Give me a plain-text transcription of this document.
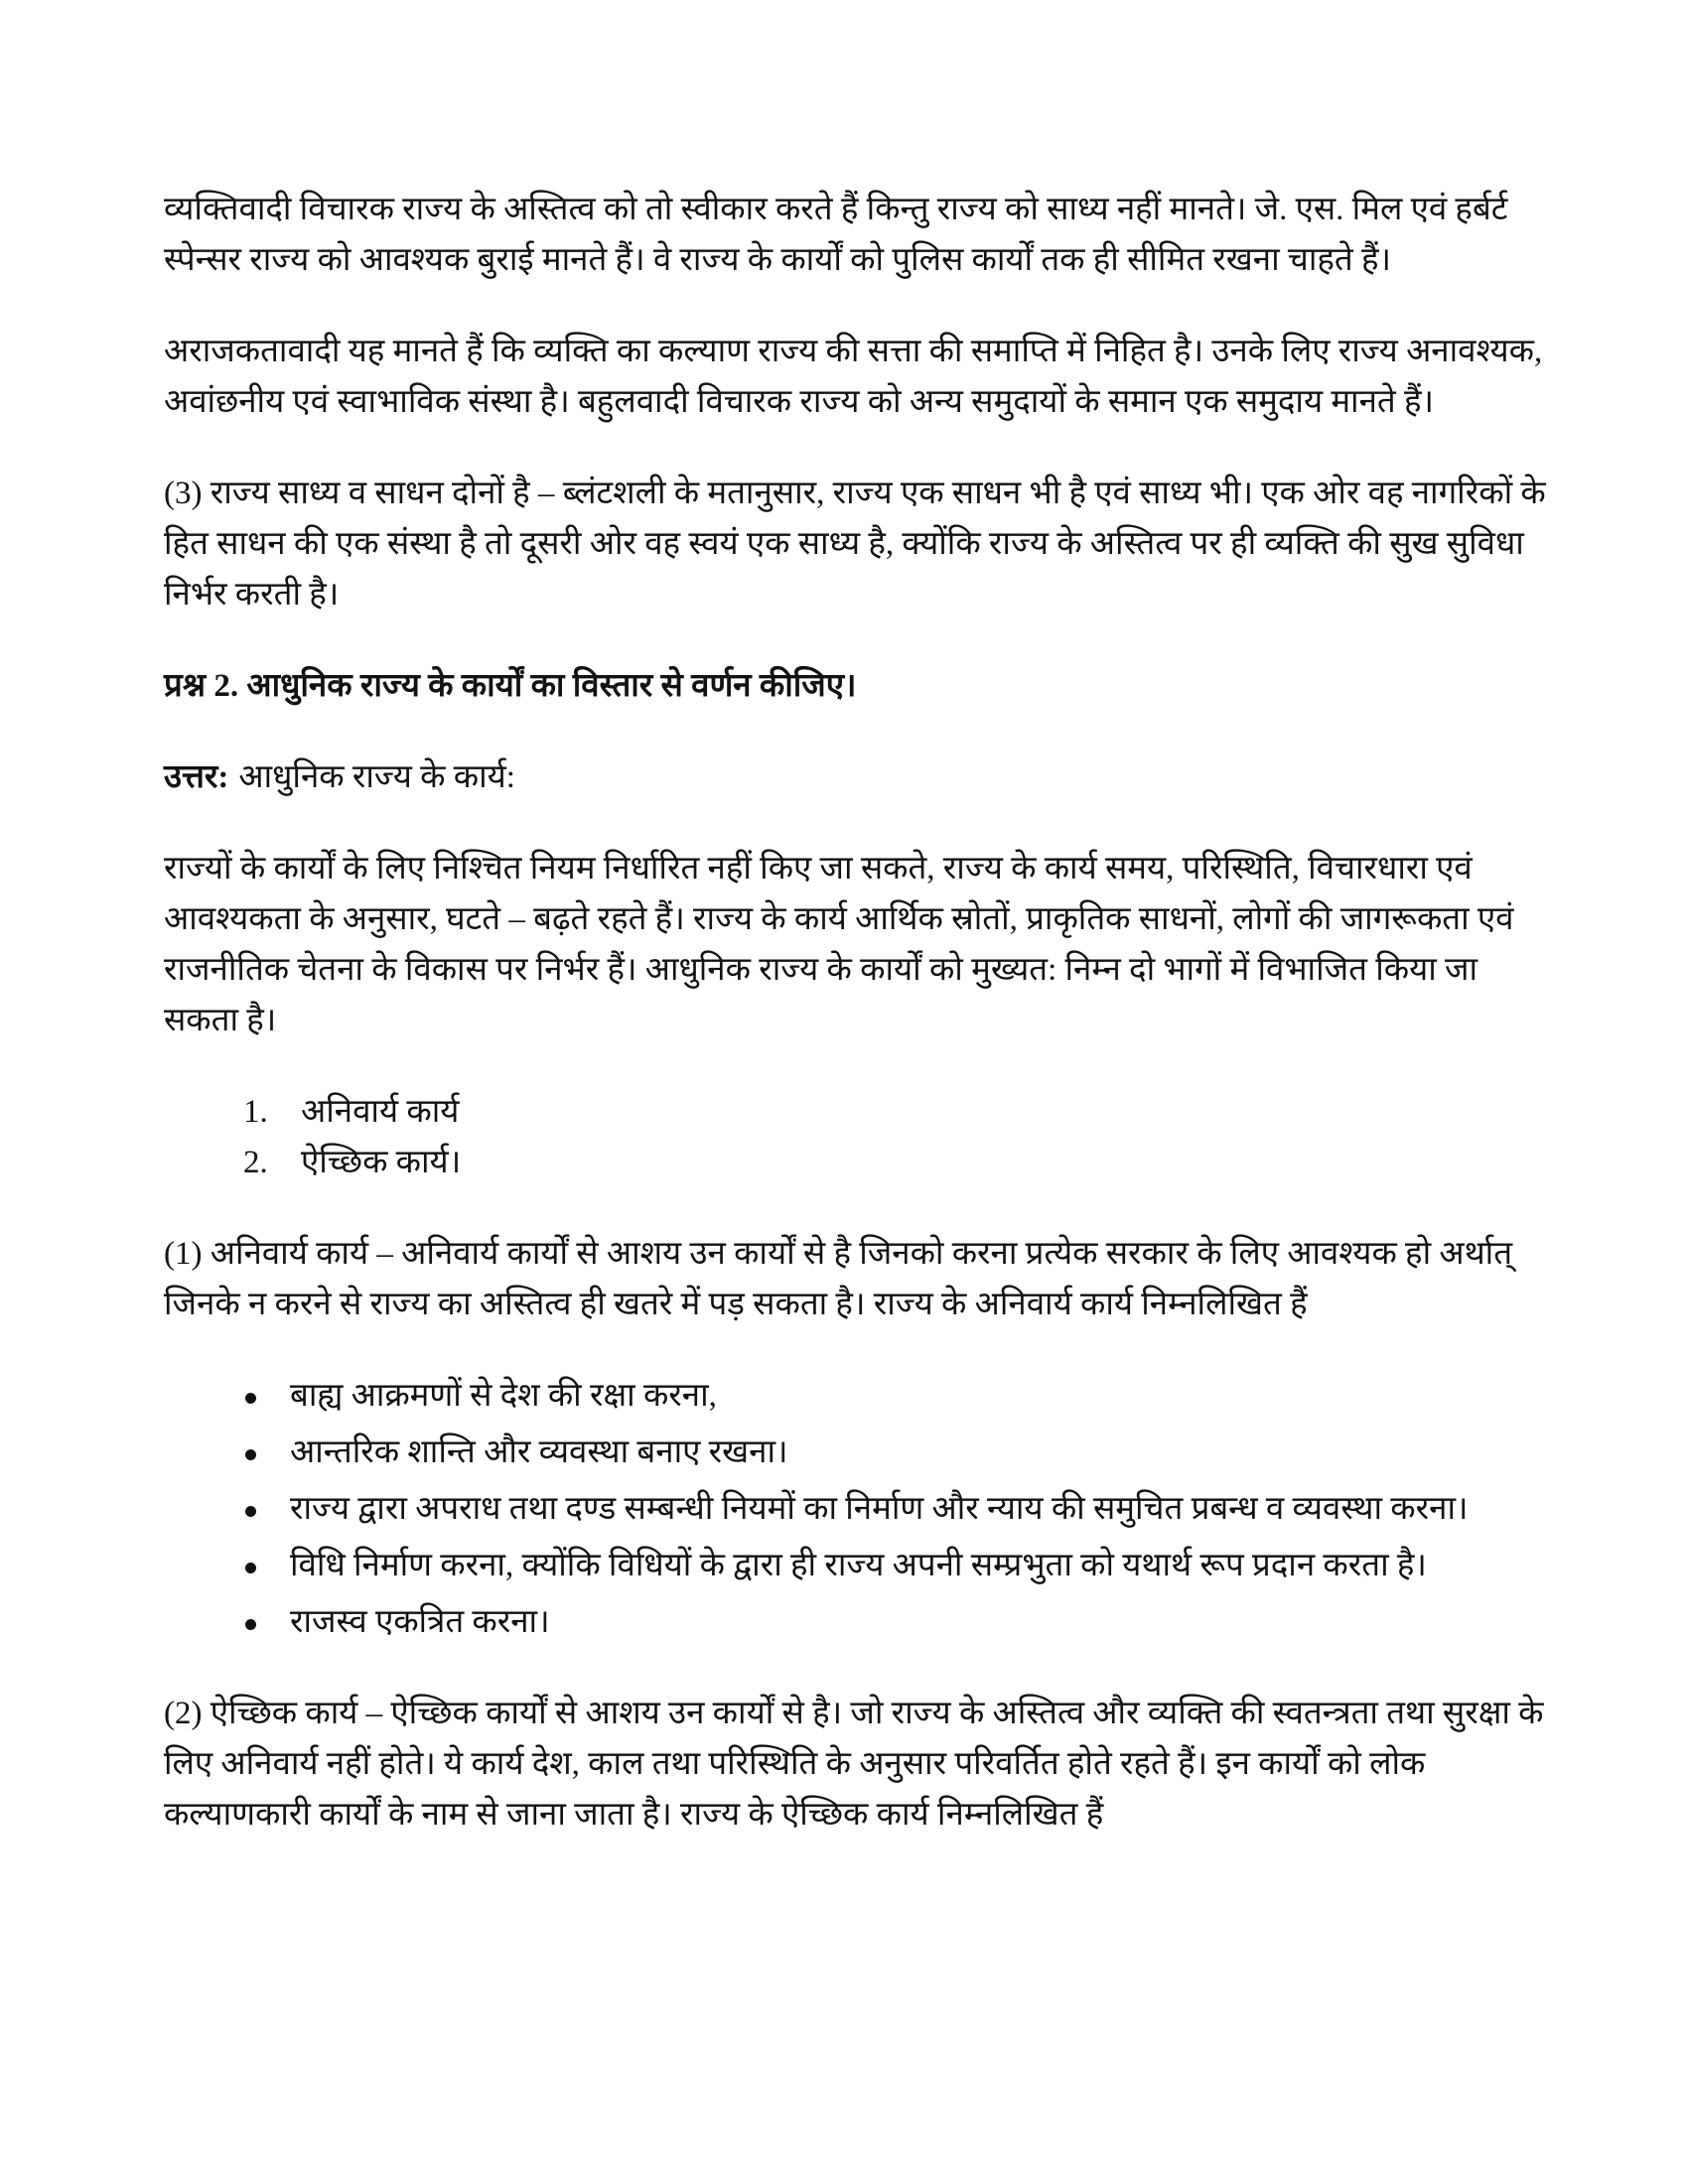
व्यक्तिवादी विचारक राज्य के अस्तित्व को तो स्वीकार करते हैं किन्तु राज्य को साध्य नहीं मानते। जे. एस. मिल एवं हर्बर्ट स्पेन्सर राज्य को आवश्यक बुराई मानते हैं। वे राज्य के कार्यों को पुलिस कार्यों तक ही सीमित रखना चाहते हैं।

अराजकतावादी यह मानते हैं कि व्यक्ति का कल्याण राज्य की सत्ता की समाप्ति में निहित है। उनके लिए राज्य अनावश्यक, अवांछनीय एवं स्वाभाविक संस्था है। बहुलवादी विचारक राज्य को अन्य समुदायों के समान एक समुदाय मानते हैं।

(3) राज्य साध्य व साधन दोनों है – ब्लंटशली के मतानुसार, राज्य एक साधन भी है एवं साध्य भी। एक ओर वह नागरिकों के हित साधन की एक संस्था है तो दूसरी ओर वह स्वयं एक साध्य है, क्योंकि राज्य के अस्तित्व पर ही व्यक्ति की सुख सुविधा निर्भर करती है।

प्रश्न 2. आधुनिक राज्य के कार्यों का विस्तार से वर्णन कीजिए।

उत्तर: आधुनिक राज्य के कार्य:

राज्यों के कार्यों के लिए निश्चित नियम निर्धारित नहीं किए जा सकते, राज्य के कार्य समय, परिस्थिति, विचारधारा एवं आवश्यकता के अनुसार, घटते – बढ़ते रहते हैं। राज्य के कार्य आर्थिक स्रोतों, प्राकृतिक साधनों, लोगों की जागरूकता एवं राजनीतिक चेतना के विकास पर निर्भर हैं। आधुनिक राज्य के कार्यों को मुख्यत: निम्न दो भागों में विभाजित किया जा सकता है।

1.	अनिवार्य कार्य
2.	ऐच्छिक कार्य।

(1) अनिवार्य कार्य – अनिवार्य कार्यों से आशय उन कार्यों से है जिनको करना प्रत्येक सरकार के लिए आवश्यक हो अर्थात् जिनके न करने से राज्य का अस्तित्व ही खतरे में पड़ सकता है। राज्य के अनिवार्य कार्य निम्नलिखित हैं

बाह्य आक्रमणों से देश की रक्षा करना,
आन्तरिक शान्ति और व्यवस्था बनाए रखना।
राज्य द्वारा अपराध तथा दण्ड सम्बन्धी नियमों का निर्माण और न्याय की समुचित प्रबन्ध व व्यवस्था करना।
विधि निर्माण करना, क्योंकि विधियों के द्वारा ही राज्य अपनी सम्प्रभुता को यथार्थ रूप प्रदान करता है।
राजस्व एकत्रित करना।

(2) ऐच्छिक कार्य – ऐच्छिक कार्यों से आशय उन कार्यों से है। जो राज्य के अस्तित्व और व्यक्ति की स्वतन्त्रता तथा सुरक्षा के लिए अनिवार्य नहीं होते। ये कार्य देश, काल तथा परिस्थिति के अनुसार परिवर्तित होते रहते हैं। इन कार्यों को लोक कल्याणकारी कार्यों के नाम से जाना जाता है। राज्य के ऐच्छिक कार्य निम्नलिखित हैं
